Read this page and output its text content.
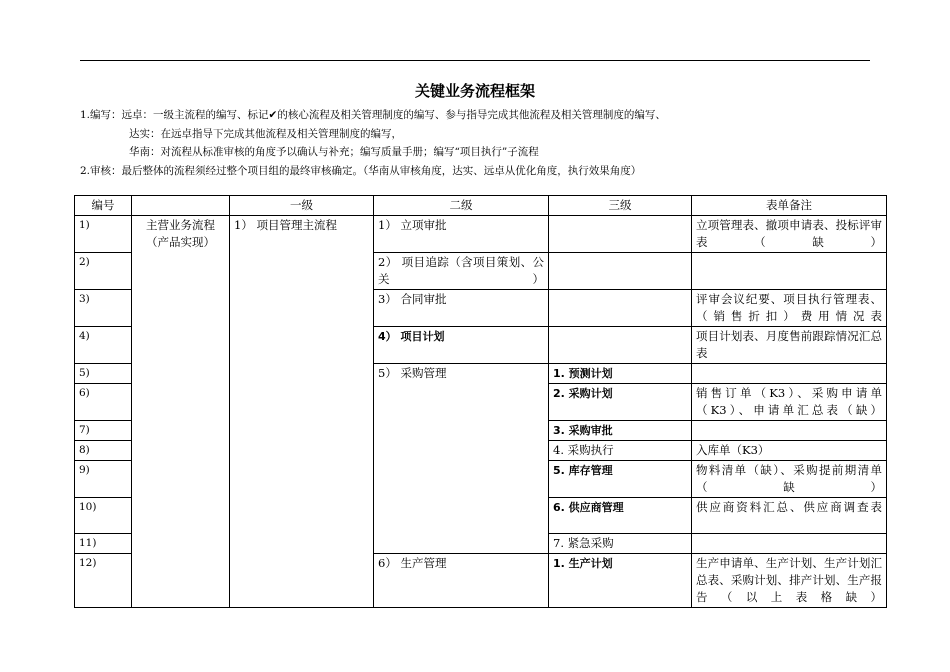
关键业务流程框架
1.编写：远卓：一级主流程的编写、标记✔的核心流程及相关管理制度的编写、参与指导完成其他流程及相关管理制度的编写、
达实：在远卓指导下完成其他流程及相关管理制度的编写，
华南：对流程从标准审核的角度予以确认与补充；编写质量手册；编写“项目执行”子流程
2.审核：最后整体的流程须经过整个项目组的最终审核确定。（华南从审核角度，达实、远卓从优化角度，执行效果角度）
编号		一级	二级	三级	表单备注
1)	主营业务流程（产品实现）	1） 项目管理主流程	1） 立项审批		立项管理表、撤项申请表、投标评审表（缺）
2)			2） 项目追踪（含项目策划、公关）		
3)			3） 合同审批		评审会议纪要、项目执行管理表、（销售折扣）费用情况表
4)			4） 项目计划		项目计划表、月度售前跟踪情况汇总表
5)			5） 采购管理	1. 预测计划	
6)				2. 采购计划	销售订单（K3）、采购申请单（K3）、申请单汇总表（缺）
7)				3. 采购审批	
8)				4. 采购执行	入库单（K3）
9)				5. 库存管理	物料清单（缺）、采购提前期清单（缺）
10)				6. 供应商管理	供应商资料汇总、供应商调查表
11)				7. 紧急采购	
12)			6） 生产管理	1. 生产计划	生产申请单、生产计划、生产计划汇总表、采购计划、排产计划、生产报告（以上表格缺）
